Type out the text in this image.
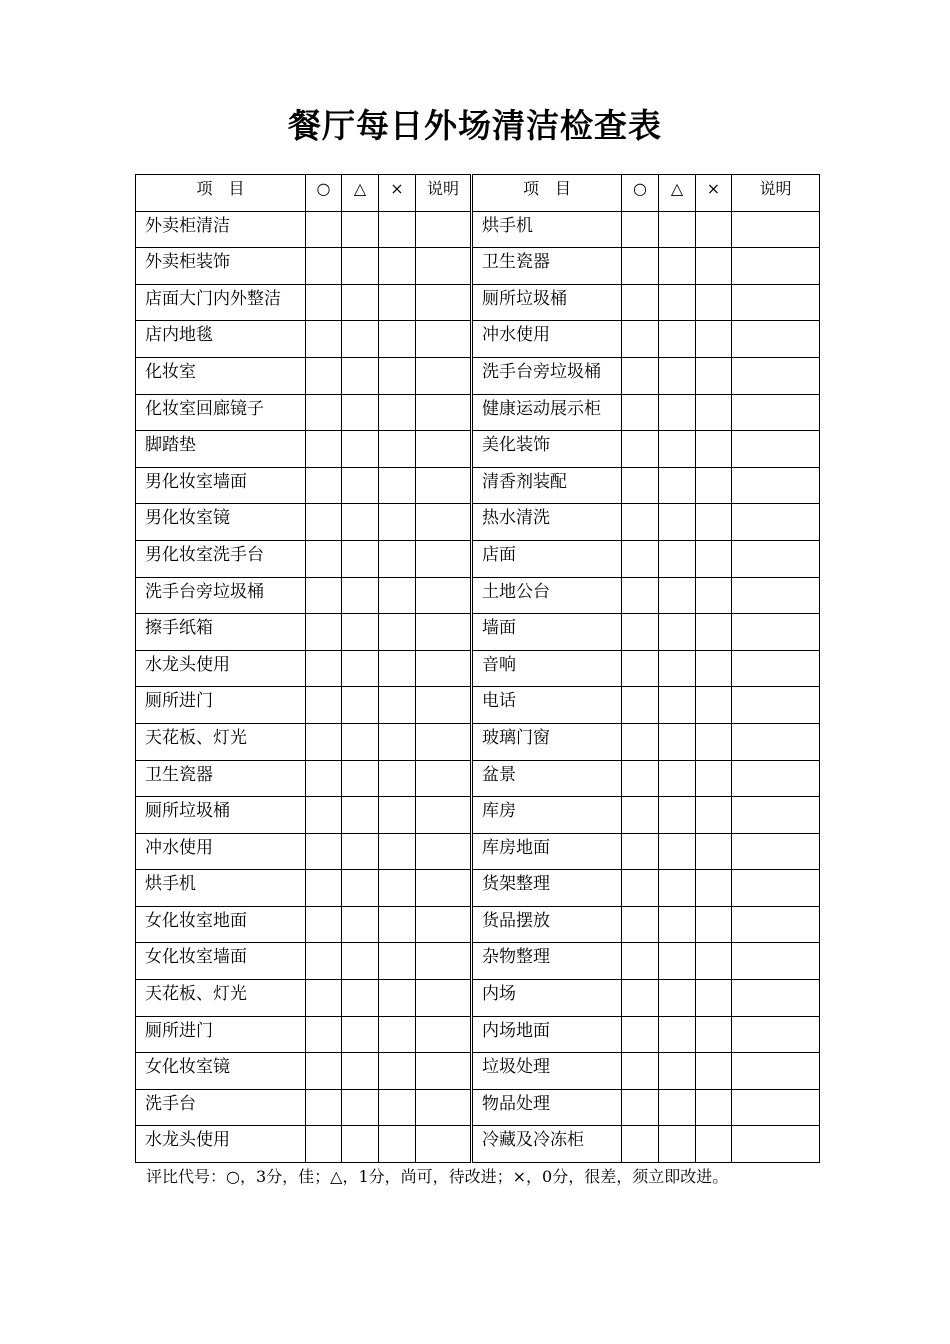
餐厅每日外场清洁检查表
项　目	○	△	×	说明	项　目	○	△	×	说明
外卖柜清洁					烘手机				
外卖柜装饰					卫生瓷器				
店面大门内外整洁					厕所垃圾桶				
店内地毯					冲水使用				
化妆室					洗手台旁垃圾桶				
化妆室回廊镜子					健康运动展示柜				
脚踏垫					美化装饰				
男化妆室墙面					清香剂装配				
男化妆室镜					热水清洗				
男化妆室洗手台					店面				
洗手台旁垃圾桶					土地公台				
擦手纸箱					墙面				
水龙头使用					音响				
厕所进门					电话				
天花板、灯光					玻璃门窗				
卫生瓷器					盆景				
厕所垃圾桶					库房				
冲水使用					库房地面				
烘手机					货架整理				
女化妆室地面					货品摆放				
女化妆室墙面					杂物整理				
天花板、灯光					内场				
厕所进门					内场地面				
女化妆室镜					垃圾处理				
洗手台					物品处理				
水龙头使用					冷藏及冷冻柜				
评比代号：○，3分，佳；△，1分，尚可，待改进；×，0分，很差，须立即改进。
